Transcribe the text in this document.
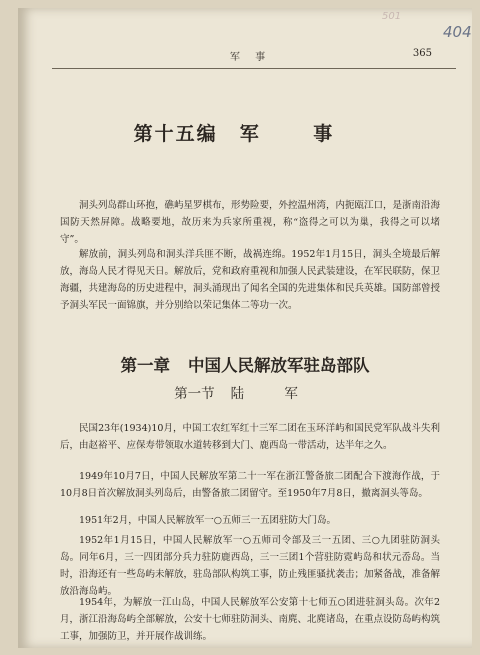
501
404
军 事	365
第十五编 军 事

洞头列岛群山环抱，礁屿星罗棋布，形势险要，外控温州湾，内扼瓯江口，是浙南沿海国防天然屏障。战略要地，故历来为兵家所重视，称“盗得之可以为巢，我得之可以堵守”。

解放前，洞头列岛和洞头洋兵匪不断，战祸连绵。1952年1月15日，洞头全境最后解放，海岛人民才得见天日。解放后，党和政府重视和加强人民武装建设，在军民联防，保卫海疆，共建海岛的历史进程中，洞头涌现出了闻名全国的先进集体和民兵英雄。国防部曾授予洞头军民一面锦旗，并分别给以荣记集体二等功一次。

第一章 中国人民解放军驻岛部队
第一节 陆 军

民国23年(1934)10月，中国工农红军红十三军二团在玉环洋屿和国民党军队战斗失利后，由赵裕平、应保寿带领取水道转移到大门、鹿西岛一带活动，达半年之久。

1949年10月7日，中国人民解放军第二十一军在浙江警备旅二团配合下渡海作战，于10月8日首次解放洞头列岛后，由警备旅二团留守。至1950年7月8日，撤离洞头等岛。

1951年2月，中国人民解放军一○五师三一五团驻防大门岛。

1952年1月15日，中国人民解放军一○五师司令部及三一五团、三○九团驻防洞头岛。同年6月，三一四团部分兵力驻防鹿西岛，三一三团1个营驻防霓屿岛和状元岙岛。当时，沿海还有一些岛屿未解放，驻岛部队构筑工事，防止残匪骚扰袭击；加紧备战，准备解放沿海岛屿。

1954年，为解放一江山岛，中国人民解放军公安第十七师五○团进驻洞头岛。次年2月，浙江沿海岛屿全部解放，公安十七师驻防洞头、南麂、北麂诸岛，在重点设防岛屿构筑工事，加强防卫，并开展作战训练。
